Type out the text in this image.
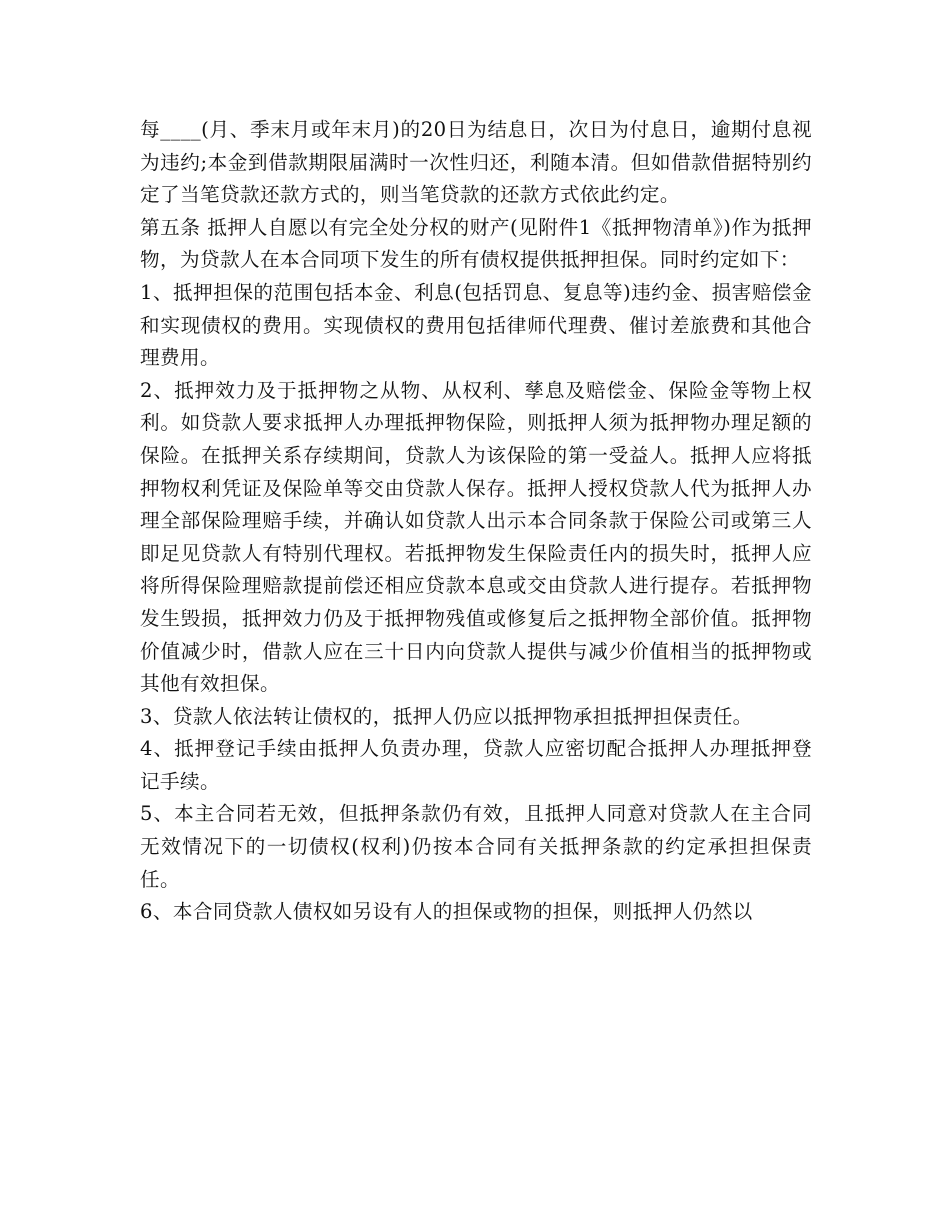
每____(月、季末月或年末月)的20日为结息日，次日为付息日，逾期付息视为违约;本金到借款期限届满时一次性归还，利随本清。但如借款借据特别约定了当笔贷款还款方式的，则当笔贷款的还款方式依此约定。

第五条 抵押人自愿以有完全处分权的财产(见附件1《抵押物清单》)作为抵押物，为贷款人在本合同项下发生的所有债权提供抵押担保。同时约定如下：

1、抵押担保的范围包括本金、利息(包括罚息、复息等)违约金、损害赔偿金和实现债权的费用。实现债权的费用包括律师代理费、催讨差旅费和其他合理费用。

2、抵押效力及于抵押物之从物、从权利、孳息及赔偿金、保险金等物上权利。如贷款人要求抵押人办理抵押物保险，则抵押人须为抵押物办理足额的保险。在抵押关系存续期间，贷款人为该保险的第一受益人。抵押人应将抵押物权利凭证及保险单等交由贷款人保存。抵押人授权贷款人代为抵押人办理全部保险理赔手续，并确认如贷款人出示本合同条款于保险公司或第三人即足见贷款人有特别代理权。若抵押物发生保险责任内的损失时，抵押人应将所得保险理赔款提前偿还相应贷款本息或交由贷款人进行提存。若抵押物发生毁损，抵押效力仍及于抵押物残值或修复后之抵押物全部价值。抵押物价值减少时，借款人应在三十日内向贷款人提供与减少价值相当的抵押物或其他有效担保。

3、贷款人依法转让债权的，抵押人仍应以抵押物承担抵押担保责任。

4、抵押登记手续由抵押人负责办理，贷款人应密切配合抵押人办理抵押登记手续。

5、本主合同若无效，但抵押条款仍有效，且抵押人同意对贷款人在主合同无效情况下的一切债权(权利)仍按本合同有关抵押条款的约定承担担保责任。

6、本合同贷款人债权如另设有人的担保或物的担保，则抵押人仍然以
